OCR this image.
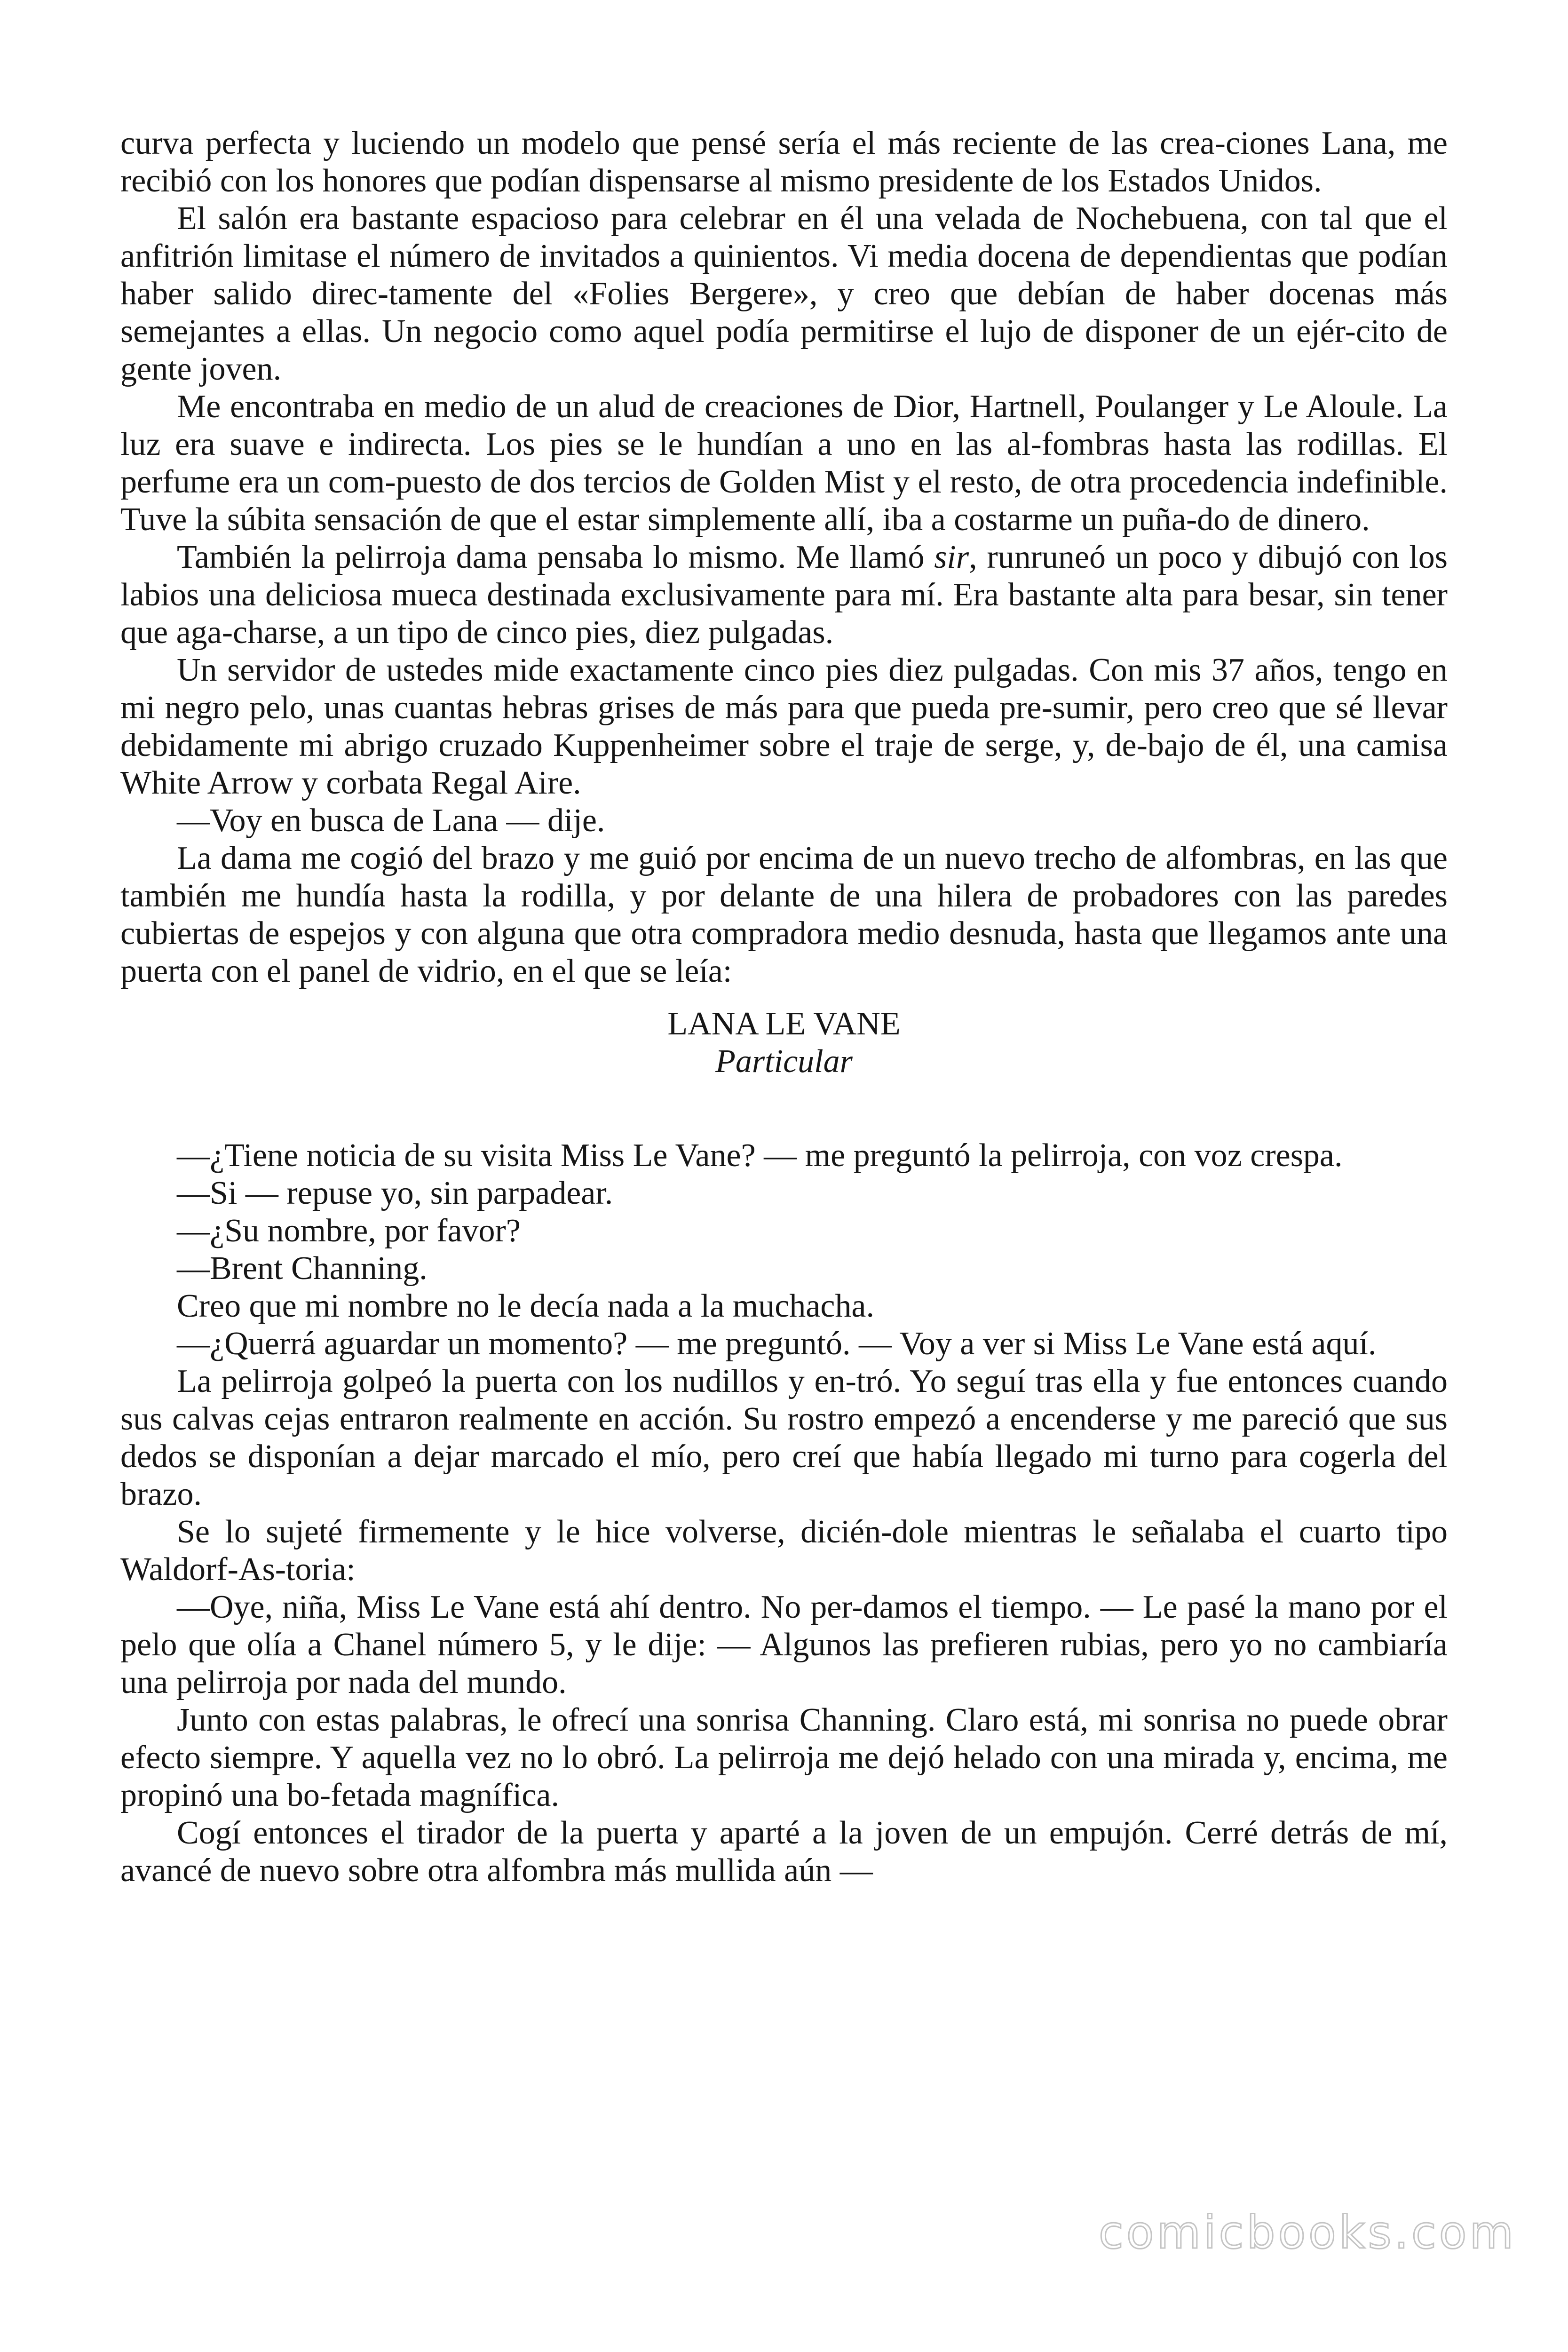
curva perfecta y luciendo un modelo que pensé sería el más reciente de las crea-ciones Lana, me recibió con los honores que podían dispensarse al mismo presidente de los Estados Unidos.

El salón era bastante espacioso para celebrar en él una velada de Nochebuena, con tal que el anfitrión limitase el número de invitados a quinientos. Vi media docena de dependientas que podían haber salido direc-tamente del «Folies Bergere», y creo que debían de haber docenas más semejantes a ellas. Un negocio como aquel podía permitirse el lujo de disponer de un ejér-cito de gente joven.

Me encontraba en medio de un alud de creaciones de Dior, Hartnell, Poulanger y Le Aloule. La luz era suave e indirecta. Los pies se le hundían a uno en las al-fombras hasta las rodillas. El perfume era un com-puesto de dos tercios de Golden Mist y el resto, de otra procedencia indefinible. Tuve la súbita sensación de que el estar simplemente allí, iba a costarme un puña-do de dinero.

También la pelirroja dama pensaba lo mismo. Me llamó sir, runruneó un poco y dibujó con los labios una deliciosa mueca destinada exclusivamente para mí. Era bastante alta para besar, sin tener que aga-charse, a un tipo de cinco pies, diez pulgadas.

Un servidor de ustedes mide exactamente cinco pies diez pulgadas. Con mis 37 años, tengo en mi negro pelo, unas cuantas hebras grises de más para que pueda pre-sumir, pero creo que sé llevar debidamente mi abrigo cruzado Kuppenheimer sobre el traje de serge, y, de-bajo de él, una camisa White Arrow y corbata Regal Aire.

—Voy en busca de Lana — dije.

La dama me cogió del brazo y me guió por encima de un nuevo trecho de alfombras, en las que también me hundía hasta la rodilla, y por delante de una hilera de probadores con las paredes cubiertas de espejos y con alguna que otra compradora medio desnuda, hasta que llegamos ante una puerta con el panel de vidrio, en el que se leía:

LANA LE VANE
Particular

—¿Tiene noticia de su visita Miss Le Vane? — me preguntó la pelirroja, con voz crespa.

—Si — repuse yo, sin parpadear.

—¿Su nombre, por favor?

—Brent Channing.

Creo que mi nombre no le decía nada a la muchacha.

—¿Querrá aguardar un momento? — me preguntó. — Voy a ver si Miss Le Vane está aquí.

La pelirroja golpeó la puerta con los nudillos y en-tró. Yo seguí tras ella y fue entonces cuando sus calvas cejas entraron realmente en acción. Su rostro empezó a encenderse y me pareció que sus dedos se disponían a dejar marcado el mío, pero creí que había llegado mi turno para cogerla del brazo.

Se lo sujeté firmemente y le hice volverse, dicién-dole mientras le señalaba el cuarto tipo Waldorf-As-toria:

—Oye, niña, Miss Le Vane está ahí dentro. No per-damos el tiempo. — Le pasé la mano por el pelo que olía a Chanel número 5, y le dije: — Algunos las prefieren rubias, pero yo no cambiaría una pelirroja por nada del mundo.

Junto con estas palabras, le ofrecí una sonrisa Channing. Claro está, mi sonrisa no puede obrar efecto siempre. Y aquella vez no lo obró. La pelirroja me dejó helado con una mirada y, encima, me propinó una bo-fetada magnífica.

Cogí entonces el tirador de la puerta y aparté a la joven de un empujón. Cerré detrás de mí, avancé de nuevo sobre otra alfombra más mullida aún —

comicbooks.com
